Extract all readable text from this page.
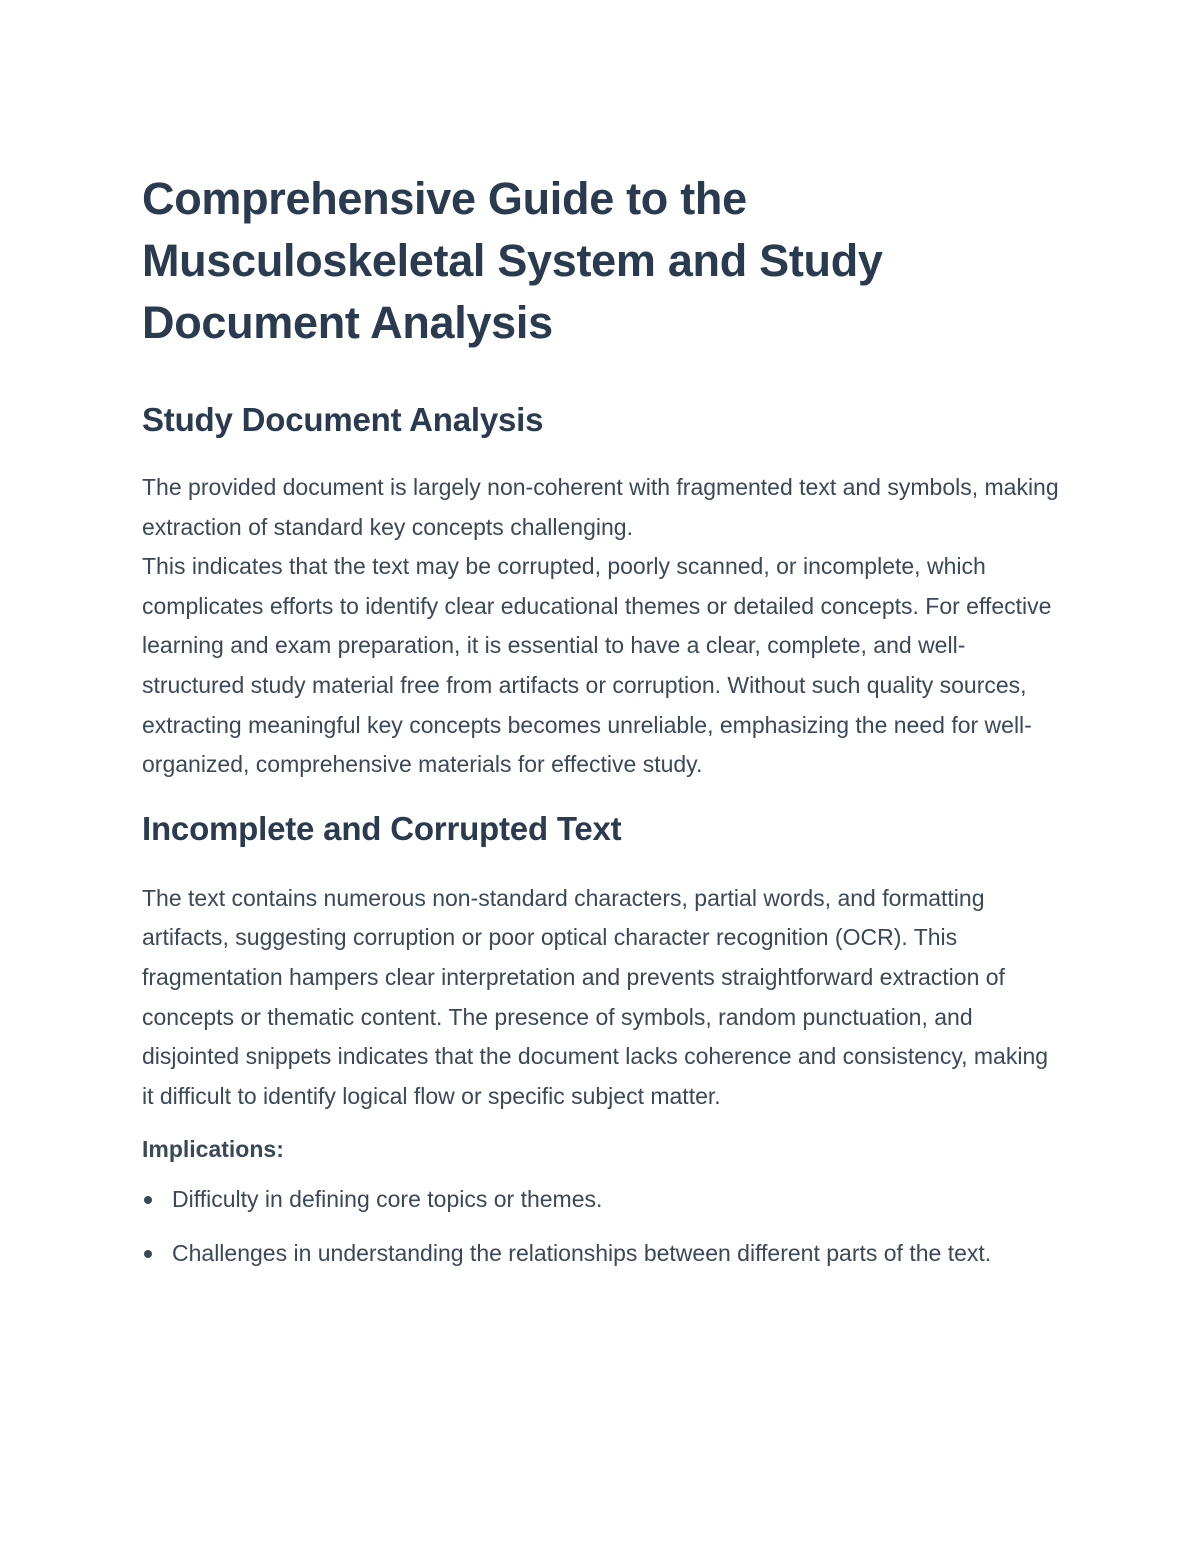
Comprehensive Guide to the Musculoskeletal System and Study Document Analysis
Study Document Analysis

The provided document is largely non-coherent with fragmented text and symbols, making extraction of standard key concepts challenging.
This indicates that the text may be corrupted, poorly scanned, or incomplete, which complicates efforts to identify clear educational themes or detailed concepts. For effective learning and exam preparation, it is essential to have a clear, complete, and well-structured study material free from artifacts or corruption. Without such quality sources, extracting meaningful key concepts becomes unreliable, emphasizing the need for well-organized, comprehensive materials for effective study.

Incomplete and Corrupted Text

The text contains numerous non-standard characters, partial words, and formatting artifacts, suggesting corruption or poor optical character recognition (OCR). This fragmentation hampers clear interpretation and prevents straightforward extraction of concepts or thematic content. The presence of symbols, random punctuation, and disjointed snippets indicates that the document lacks coherence and consistency, making it difficult to identify logical flow or specific subject matter.

Implications:
Difficulty in defining core topics or themes.
Challenges in understanding the relationships between different parts of the text.
